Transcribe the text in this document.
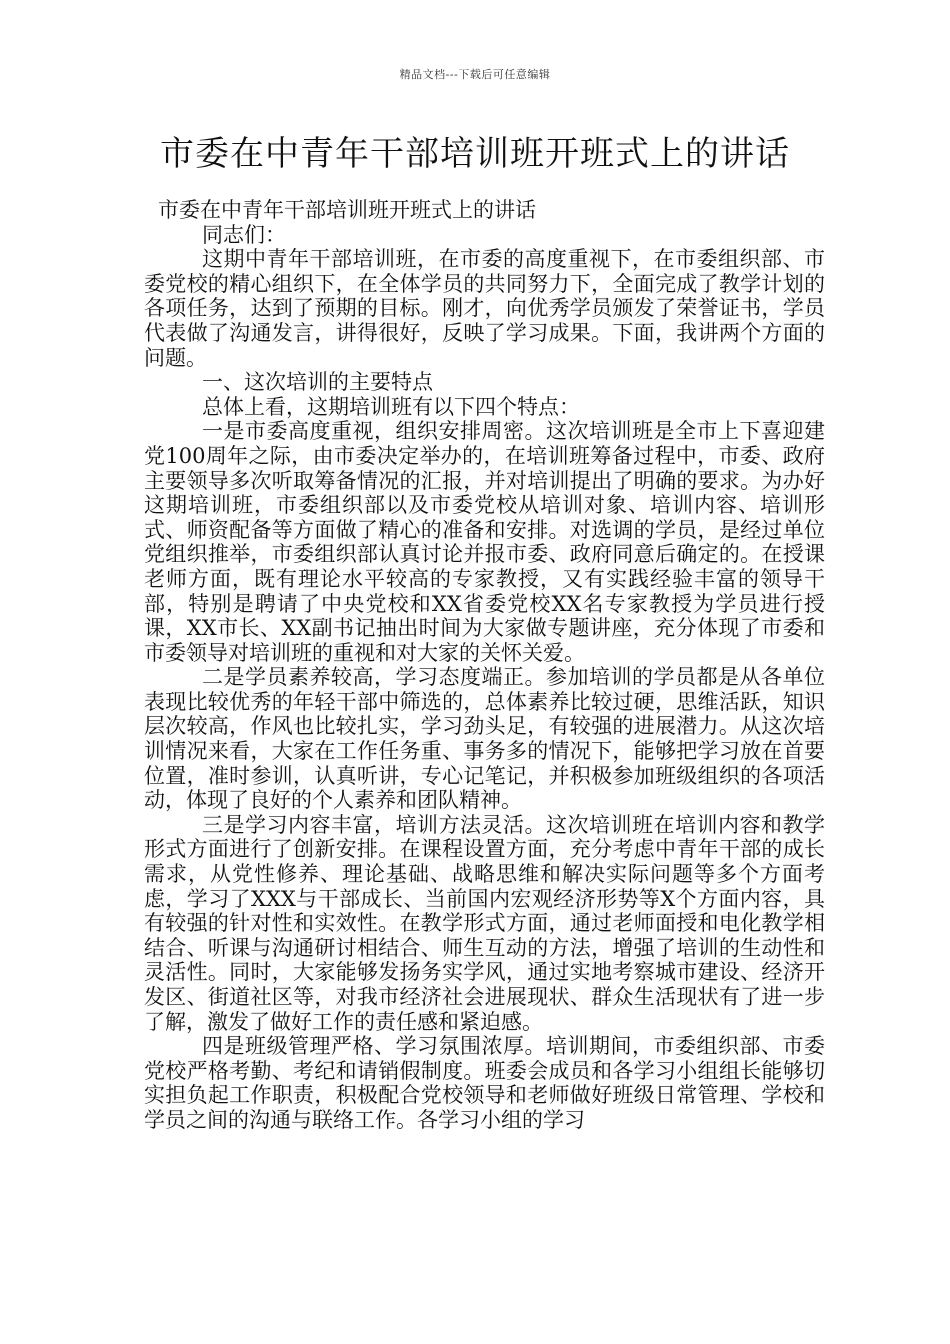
精品文档---下载后可任意编辑
市委在中青年干部培训班开班式上的讲话

市委在中青年干部培训班开班式上的讲话

同志们：

这期中青年干部培训班，在市委的高度重视下，在市委组织部、市委党校的精心组织下，在全体学员的共同努力下，全面完成了教学计划的各项任务，达到了预期的目标。刚才，向优秀学员颁发了荣誉证书，学员代表做了沟通发言，讲得很好，反映了学习成果。下面，我讲两个方面的问题。

一、这次培训的主要特点

总体上看，这期培训班有以下四个特点：

一是市委高度重视，组织安排周密。这次培训班是全市上下喜迎建党100周年之际，由市委决定举办的，在培训班筹备过程中，市委、政府主要领导多次听取筹备情况的汇报，并对培训提出了明确的要求。为办好这期培训班，市委组织部以及市委党校从培训对象、培训内容、培训形式、师资配备等方面做了精心的准备和安排。对选调的学员，是经过单位党组织推举，市委组织部认真讨论并报市委、政府同意后确定的。在授课老师方面，既有理论水平较高的专家教授，又有实践经验丰富的领导干部，特别是聘请了中央党校和XX省委党校XX名专家教授为学员进行授课，XX市长、XX副书记抽出时间为大家做专题讲座，充分体现了市委和市委领导对培训班的重视和对大家的关怀关爱。

二是学员素养较高，学习态度端正。参加培训的学员都是从各单位表现比较优秀的年轻干部中筛选的，总体素养比较过硬，思维活跃，知识层次较高，作风也比较扎实，学习劲头足，有较强的进展潜力。从这次培训情况来看，大家在工作任务重、事务多的情况下，能够把学习放在首要位置，准时参训，认真听讲，专心记笔记，并积极参加班级组织的各项活动，体现了良好的个人素养和团队精神。

三是学习内容丰富，培训方法灵活。这次培训班在培训内容和教学形式方面进行了创新安排。在课程设置方面，充分考虑中青年干部的成长需求，从党性修养、理论基础、战略思维和解决实际问题等多个方面考虑，学习了XXX与干部成长、当前国内宏观经济形势等X个方面内容，具有较强的针对性和实效性。在教学形式方面，通过老师面授和电化教学相结合、听课与沟通研讨相结合、师生互动的方法，增强了培训的生动性和灵活性。同时，大家能够发扬务实学风，通过实地考察城市建设、经济开发区、街道社区等，对我市经济社会进展现状、群众生活现状有了进一步了解，激发了做好工作的责任感和紧迫感。

四是班级管理严格、学习氛围浓厚。培训期间，市委组织部、市委党校严格考勤、考纪和请销假制度。班委会成员和各学习小组组长能够切实担负起工作职责，积极配合党校领导和老师做好班级日常管理、学校和学员之间的沟通与联络工作。各学习小组的学习
